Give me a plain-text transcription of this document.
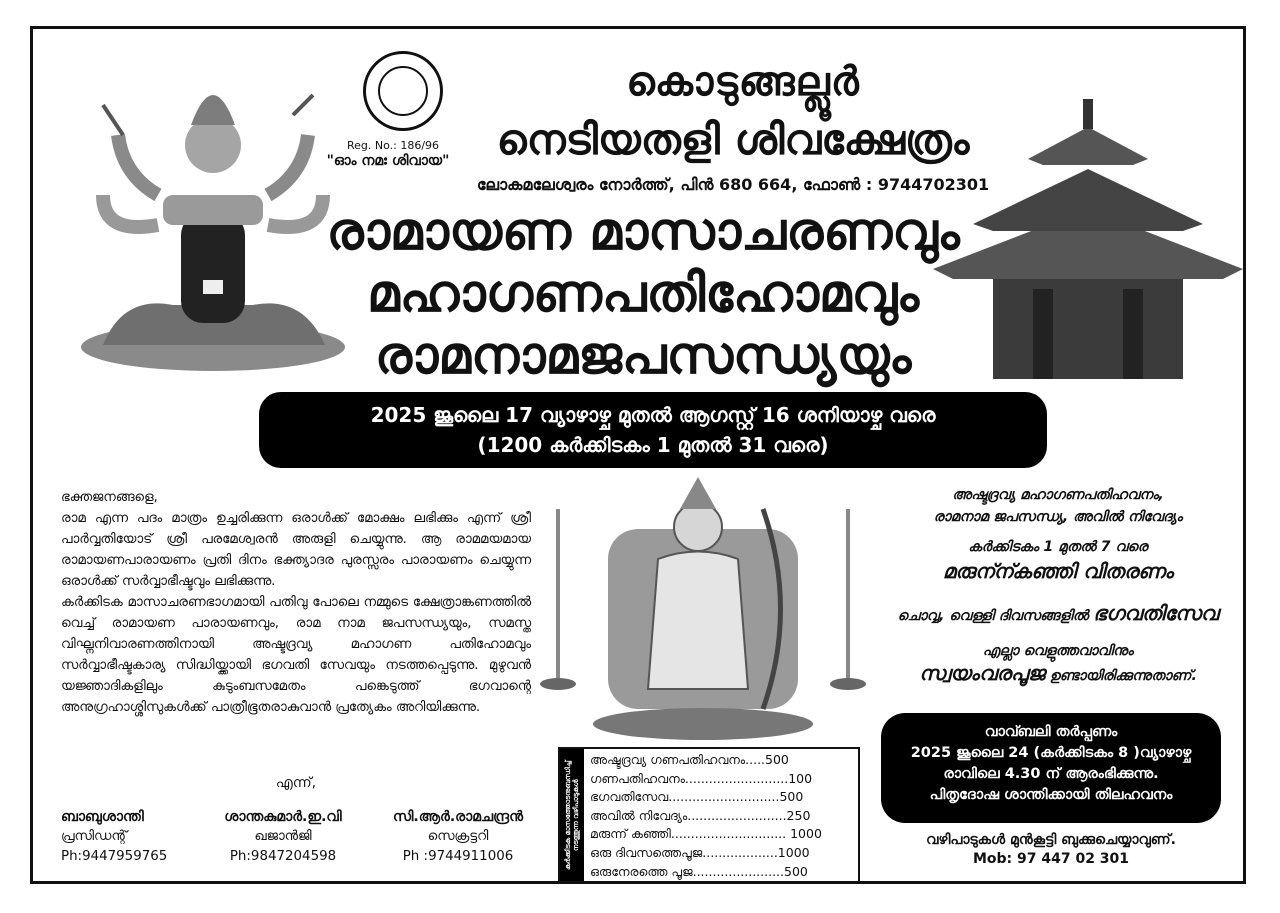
Reg. No.: 186/96
"ഓം നമഃ ശിവായ"
കൊടുങ്ങല്ലൂർ
നെടിയതളി ശിവക്ഷേത്രം
ലോകമലേശ്വരം നോർത്ത്, പിൻ 680 664, ഫോൺ : 9744702301
രാമായണ മാസാചരണവും
മഹാഗണപതിഹോമവും
രാമനാമജപസന്ധ്യയും
2025 ജൂലൈ 17 വ്യാഴാഴ്ച മുതൽ ആഗസ്റ്റ് 16 ശനിയാഴ്ച വരെ
(1200 കർക്കിടകം 1 മുതൽ 31 വരെ)
ഭക്തജനങ്ങളെ,
രാമ എന്ന പദം മാത്രം ഉച്ചരിക്കുന്ന ഒരാൾക്ക് മോക്ഷം ലഭിക്കും എന്ന് ശ്രീ പാർവ്വതിയോട് ശ്രീ പരമേശ്വരൻ അരുളി ചെയ്യുന്നു. ആ രാമമയമായ രാമായണപാരായണം പ്രതി ദിനം ഭക്ത്യാദര പുരസ്സരം പാരായണം ചെയ്യുന്ന ഒരാൾക്ക് സർവ്വാഭീഷ്ടവും ലഭിക്കുന്നു.
കർക്കിടക മാസാചരണഭാഗമായി പതിവു പോലെ നമ്മുടെ ക്ഷേത്രാങ്കണത്തിൽ വെച്ച് രാമായണ പാരായണവും, രാമ നാമ ജപസന്ധ്യയും, സമസ്ത വിഘ്നനിവാരണത്തിനായി അഷ്ടദ്രവ്യ മഹാഗണ പതിഹോമവും സർവ്വാഭീഷ്ടകാര്യ സിദ്ധിയ്ക്കായി ഭഗവതി സേവയും നടത്തപ്പെടുന്നു. മുഴുവൻ യജ്ഞാദികളിലും കുടുംബസമേതം പങ്കെടുത്ത് ഭഗവാന്റെ അനുഗ്രഹാശ്ശിസുകൾക്ക് പാത്രീഭൂതരാകുവാൻ പ്രത്യേകം അറിയിക്കുന്നു.
എന്ന്,
ബാബുശാന്തി
പ്രസിഡന്റ്
Ph:9447959765
ശാന്തകുമാർ.ഇ.വി
ഖജാൻജി
Ph:9847204598
സി.ആർ.രാമചന്ദ്രൻ
സെക്രട്ടറി
Ph :9744911006	കർക്കിടക മാസത്തോടനുബന്ധിച്ച് നടത്തുന്ന വഴിപാടുകൾ
അഷ്ടദ്രവ്യ ഗണപതിഹവനം.....500
ഗണപതിഹവനം..........................100
ഭഗവതിസേവ............................500
അവിൽ നിവേദ്യം.........................250
മരുന്ന് കഞ്ഞി............................. 1000
ഒരു ദിവസത്തെപൂജ...................1000
ഒരുനേരത്തെ പൂജ.......................500
അഷ്ടദ്രവ്യ മഹാഗണപതിഹവനം,
രാമനാമ ജപസന്ധ്യ, അവിൽ നിവേദ്യം
കർക്കിടകം 1 മുതൽ 7 വരെ
മരുന്ന്കഞ്ഞി വിതരണം
ചൊവ്വ, വെള്ളി ദിവസങ്ങളിൽ ഭഗവതിസേവ
എല്ലാ വെളുത്തവാവിനും
സ്വയംവരപൂജ ഉണ്ടായിരിക്കുന്നുതാണ്.
വാവ്ബലി തർപ്പണം
2025 ജൂലൈ 24 (കർക്കിടകം 8 )വ്യാഴാഴ്ച
രാവിലെ 4.30 ന് ആരംഭിക്കുന്നു.
പിതൃദോഷ ശാന്തിക്കായി തിലഹവനം
വഴിപാടുകൾ മുൻകൂട്ടി ബുക്കുചെയ്യാവുണ്.
Mob: 97 447 02 301
